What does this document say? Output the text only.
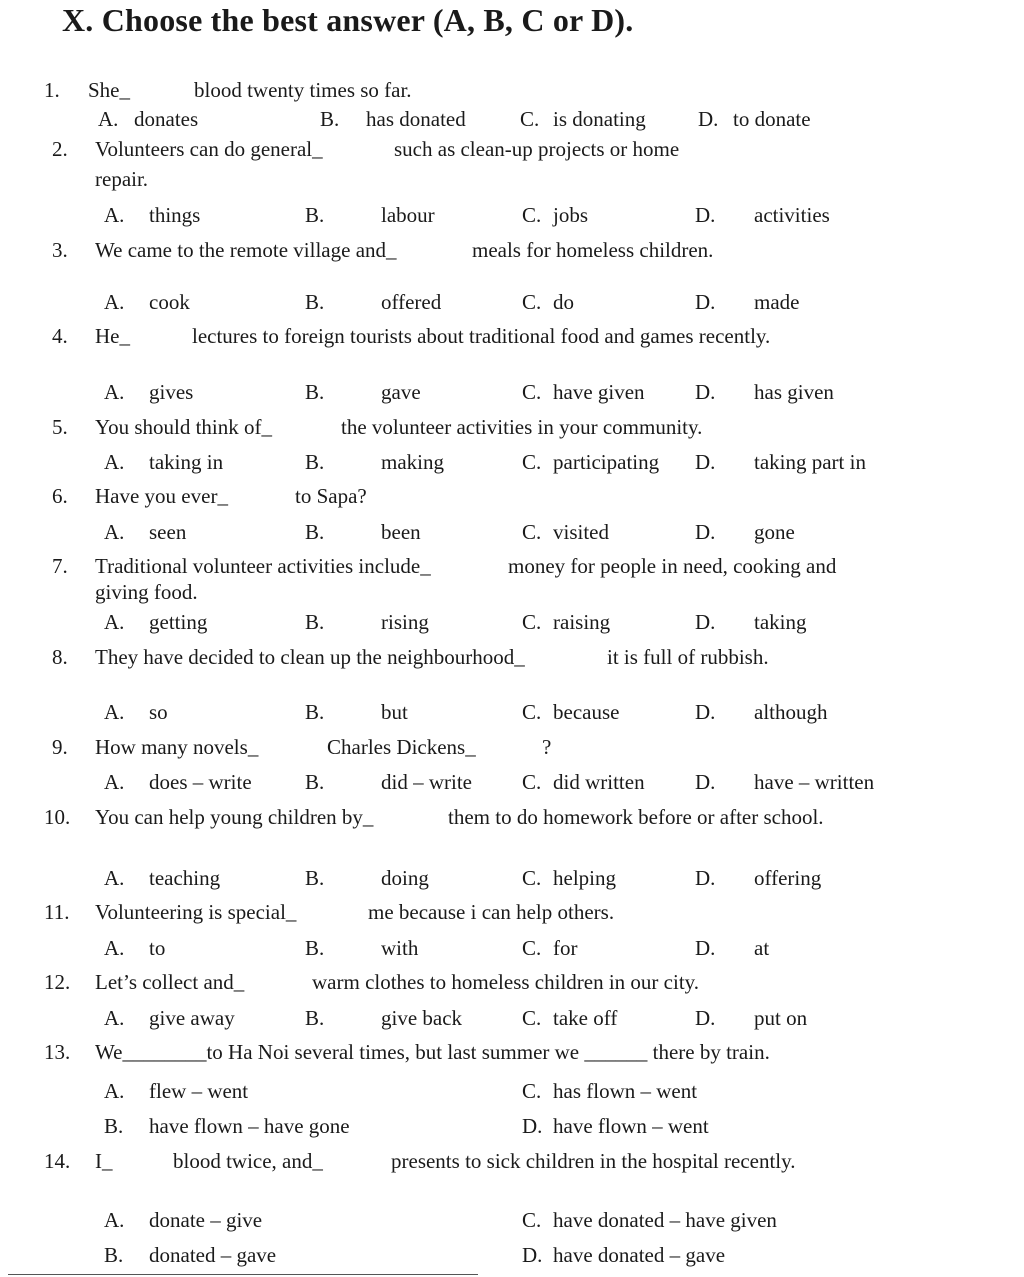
X. Choose the best answer (A, B, C or D).
1. She_	blood twenty times so far.
A. donates	B. has donated	C. is donating D. to donate
2. Volunteers can do general_	such as clean-up projects or home
repair.
A. things	B.	labour	C. jobs	D. activities
3. We came to the remote village and_	meals for homeless children.
A. cook	B.	offered	C. do	D. made
4. He_	lectures to foreign tourists about traditional food and games recently.
A. gives	B.	gave	C. have given D. has given
5. You should think of_	the volunteer activities in your community.
A. taking in	B.	making	C. participating D. taking part in
6. Have you ever_	to Sapa?
A. seen	B.	been	C. visited	D. gone
7. Traditional volunteer activities include_	money for people in need, cooking and
giving food.
A. getting	B.	rising	C. raising	D. taking
8. They have decided to clean up the neighbourhood_	it is full of rubbish.
A. so	B.	but	C. because	D. although
9. How many novels_	Charles Dickens_	?
A. does – write	B.	did – write C. did written D. have – written
10. You can help young children by_	them to do homework before or after school.
A. teaching	B.	doing	C. helping	D. offering
11. Volunteering is special_	me because i can help others.
A. to	B.	with	C. for	D. at
12. Let’s collect and_	warm clothes to homeless children in our city.
A. give away	B.	give back	C. take off	D. put on
13. We________to Ha Noi several times, but last summer we ______ there by train.
A. flew – went	C. has flown – went
B. have flown – have gone	D. have flown – went
14. I_	blood twice, and_	presents to sick children in the hospital recently.
A. donate – give	C. have donated – have given
B. donated – gave	D. have donated – gave
